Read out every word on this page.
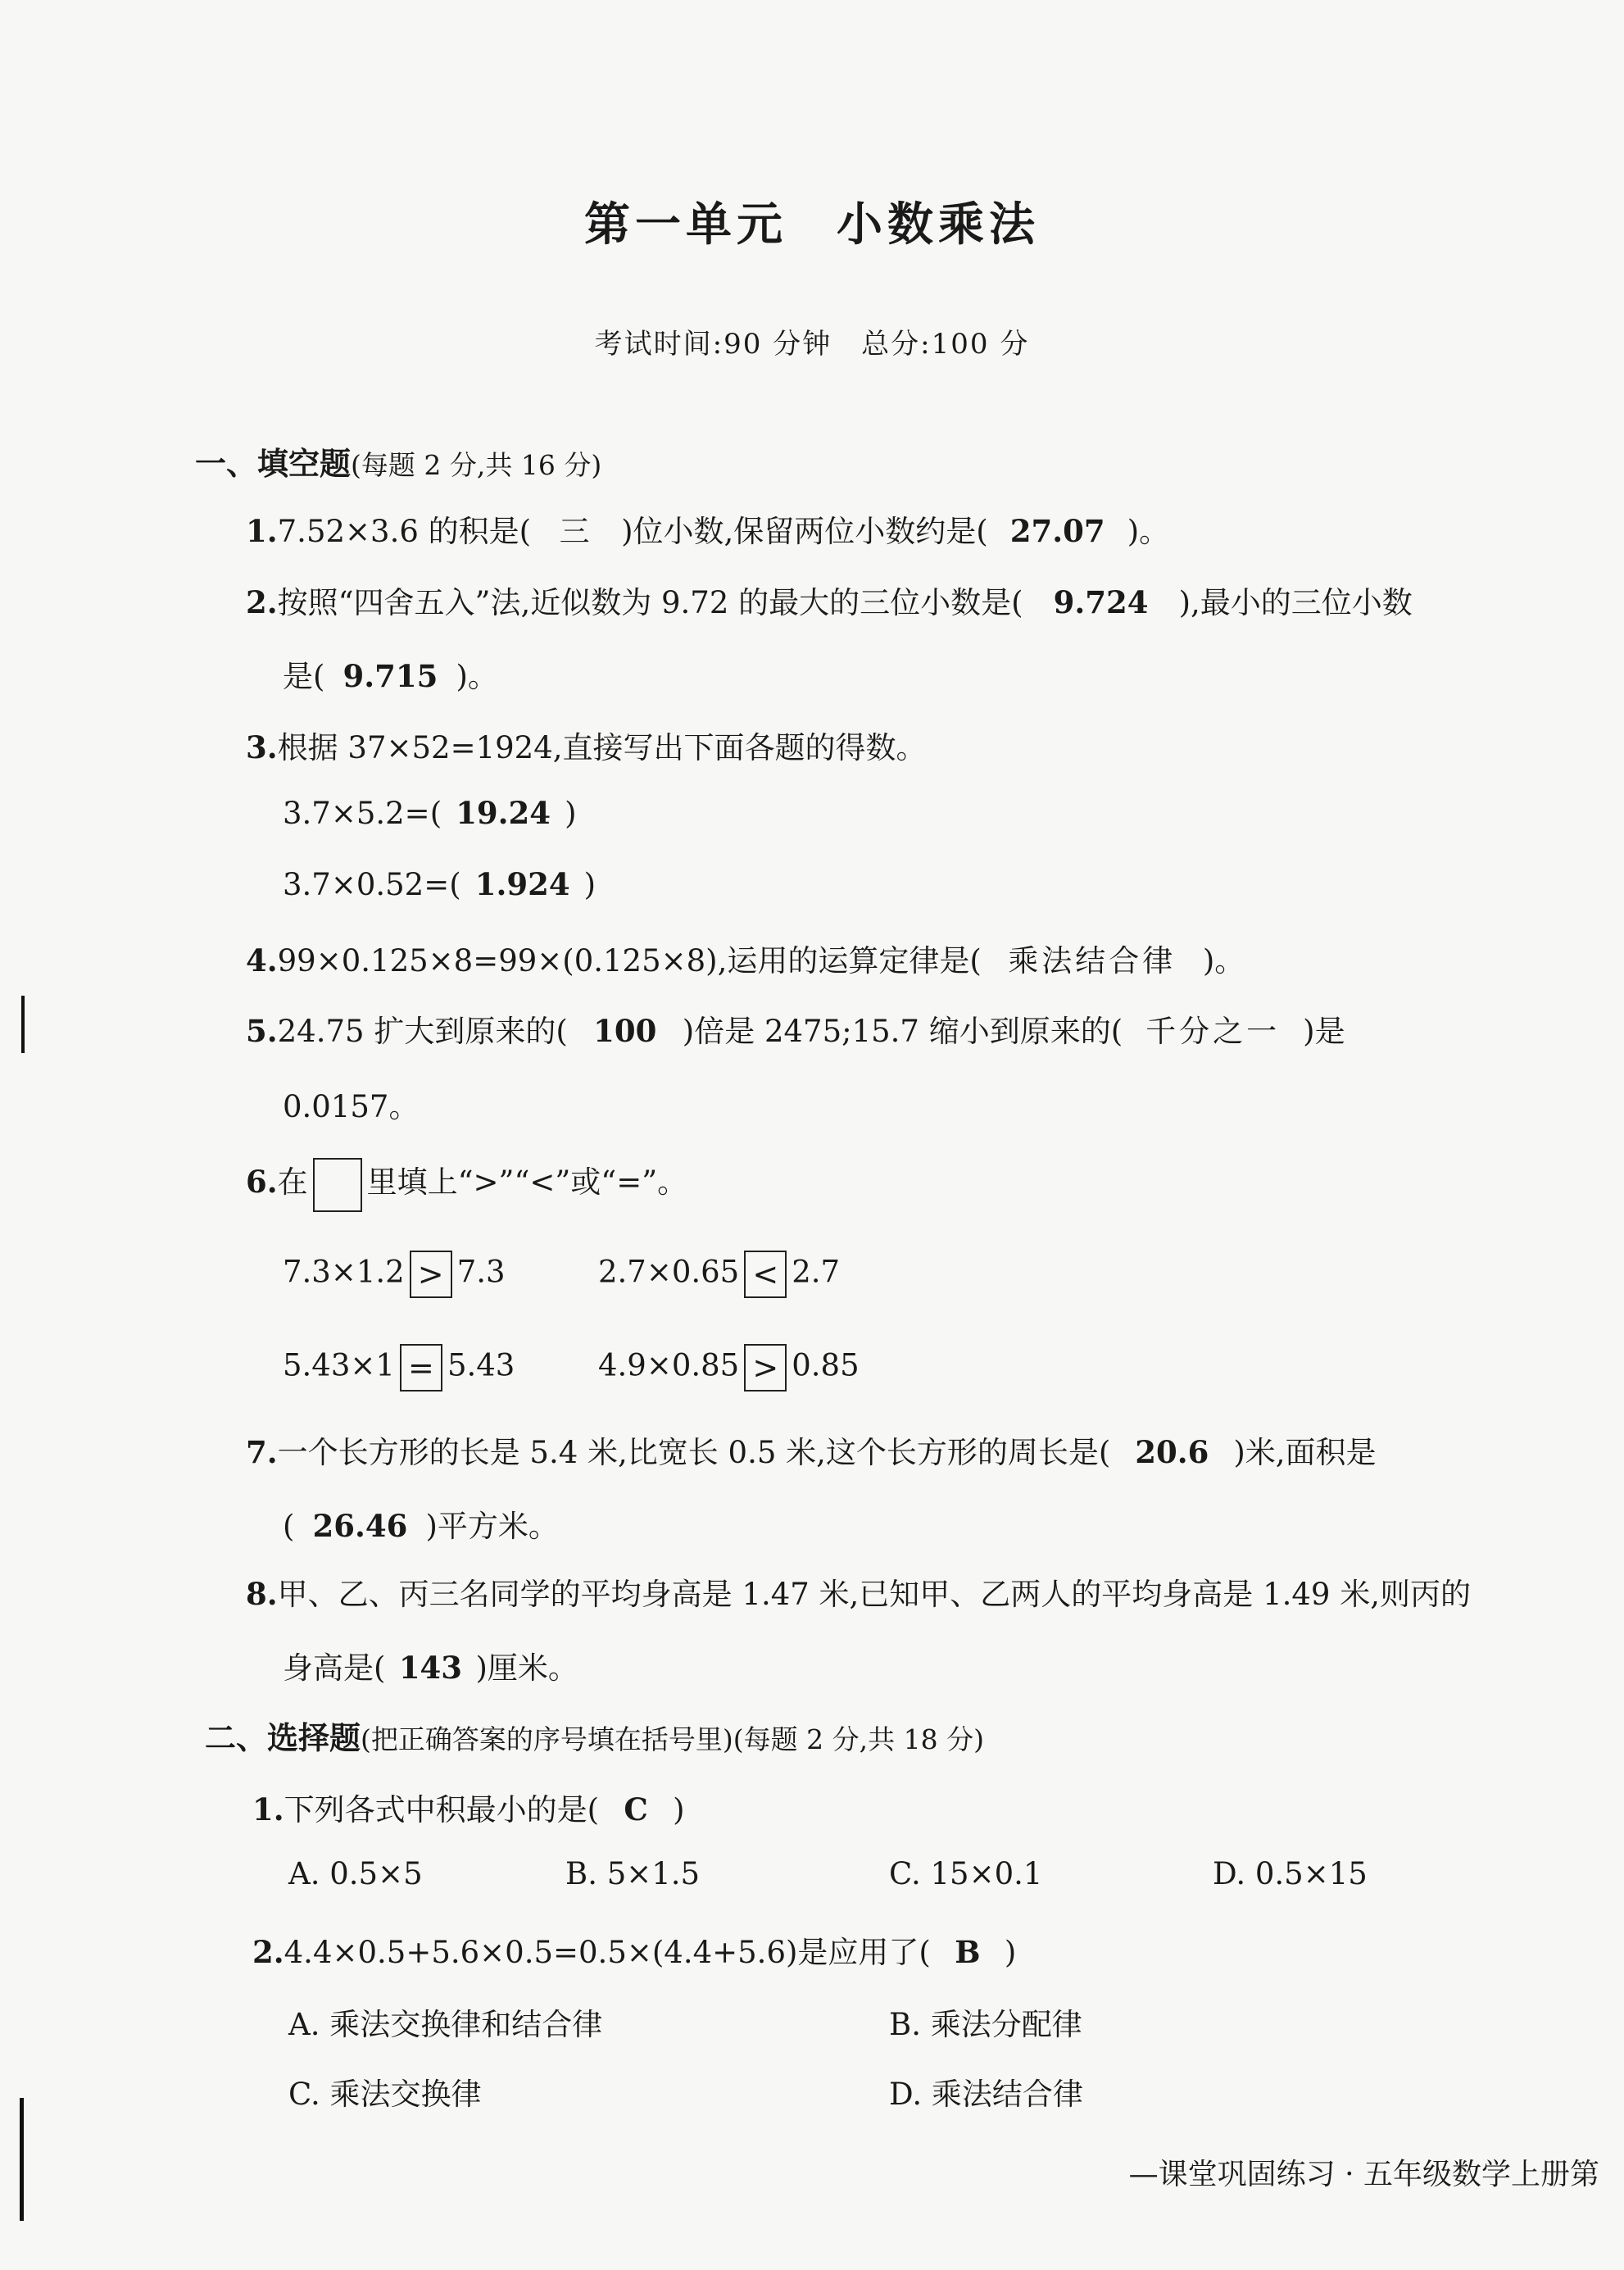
第一单元 小数乘法
考试时间:90 分钟 总分:100 分
一、填空题(每题 2 分,共 16 分)
1.7.52×3.6 的积是( 三 )位小数,保留两位小数约是( 27.07 )。
2.按照“四舍五入”法,近似数为 9.72 的最大的三位小数是( 9.724 ),最小的三位小数
是( 9.715 )。
3.根据 37×52=1924,直接写出下面各题的得数。
3.7×5.2=( 19.24 )
3.7×0.52=( 1.924 )
4.99×0.125×8=99×(0.125×8),运用的运算定律是( 乘法结合律 )。
5.24.75 扩大到原来的( 100 )倍是 2475;15.7 缩小到原来的( 千分之一 )是
0.0157。
6.在 里填上“>”“<”或“=”。
7.3×1.2 > 7.3	2.7×0.65 < 2.7
5.43×1 = 5.43	4.9×0.85 > 0.85
7.一个长方形的长是 5.4 米,比宽长 0.5 米,这个长方形的周长是( 20.6 )米,面积是
( 26.46 )平方米。
8.甲、乙、丙三名同学的平均身高是 1.47 米,已知甲、乙两人的平均身高是 1.49 米,则丙的
身高是( 143 )厘米。
二、选择题(把正确答案的序号填在括号里)(每题 2 分,共 18 分)
1.下列各式中积最小的是( C )
A. 0.5×5	B. 5×1.5	C. 15×0.1	D. 0.5×15
2.4.4×0.5+5.6×0.5=0.5×(4.4+5.6)是应用了( B )
A. 乘法交换律和结合律	B. 乘法分配律
C. 乘法交换律	D. 乘法结合律
—课堂巩固练习 · 五年级数学上册第
